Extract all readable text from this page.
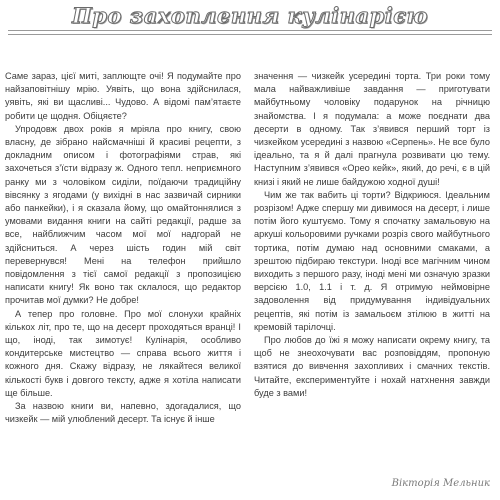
Про захоплення кулінарією

Саме зараз, цієї миті, заплющте очі! Я подумайте про найзаповітнішу мрію. Уявіть, що вона здійснилася, уявіть, які ви щасливі... Чудово. А відомі пам’ятаєте робити це щодня. Обіцяєте?

Упродовж двох років я мріяла про книгу, свою власну, де зібрано найсмачніші й красиві рецепти, з докладним описом і фотографіями страв, які захочеться з’їсти відразу ж. Одного тепл. неприємного ранку ми з чоловіком сиділи, поїдаючи традиційну вівсянку з ягодами (у вихідні в нас зазвичай сирники або панкейки), і я сказала йому, що омайтоннялися з умовами видання книги на сайті редакції, радше за все, найближчим часом мої мої надгорай не здійсниться. А через шість годин мій світ перевернувся! Мені на телефон прийшло повідомлення з тієї самої редакції з пропозицією написати книгу! Як воно так склалося, що редактор прочитав мої думки? Не добре!

А тепер про головне. Про мої слонухи крайніх кількох літ, про те, що на десерт проходяться вранці! І що, іноді, так зимотує! Кулінарія, особливо кондитерське мистецтво — справа всього життя і кожного дня. Скажу відразу, не лякайтеся великої кількості букв і довгого тексту, адже я хотіла написати ще більше.

За назвою книги ви, напевно, здогадалися, що чизкейк — мій улюблений десерт. Та існує й інше

значення — чизкейк усередині торта. Три роки тому мала найважливіше завдання — приготувати майбутньому чоловіку подарунок на річницю знайомства. І я подумала: а може поєднати два десерти в одному. Так з’явився перший торт із чизкейком усередині з назвою «Серпень». Не все було ідеально, та я й далі прагнула розвивати цю тему. Наступним з’явився «Орео кейк», який, до речі, є в цій книзі і який не лише байдужою ходної душі!

Чим же так вабить ці торти? Відкриюся. Ідеальним розрізом! Адже спершу ми дивимося на десерт, і лише потім його куштуємо. Тому я спочатку замальовую на аркуші кольоровими ручками розріз свого майбутнього тортика, потім думаю над основними смаками, а зрештою підбираю текстури. Іноді все магічним чином виходить з першого разу, іноді мені ми означую зразки версією 1.0, 1.1 і т. д. Я отримую неймовірне задоволення від придумування індивідуальних рецептів, які потім із замальоєм зтілюю в житті на кремовій тарілочці.

Про любов до їжі я можу написати окрему книгу, та щоб не знеохочувати вас розповіддям, пропоную взятися до вивчення захопливих і смачних текстів. Читайте, експериментуйте і нохай натхнення завжди буде з вами!

Вікторія Мельник
